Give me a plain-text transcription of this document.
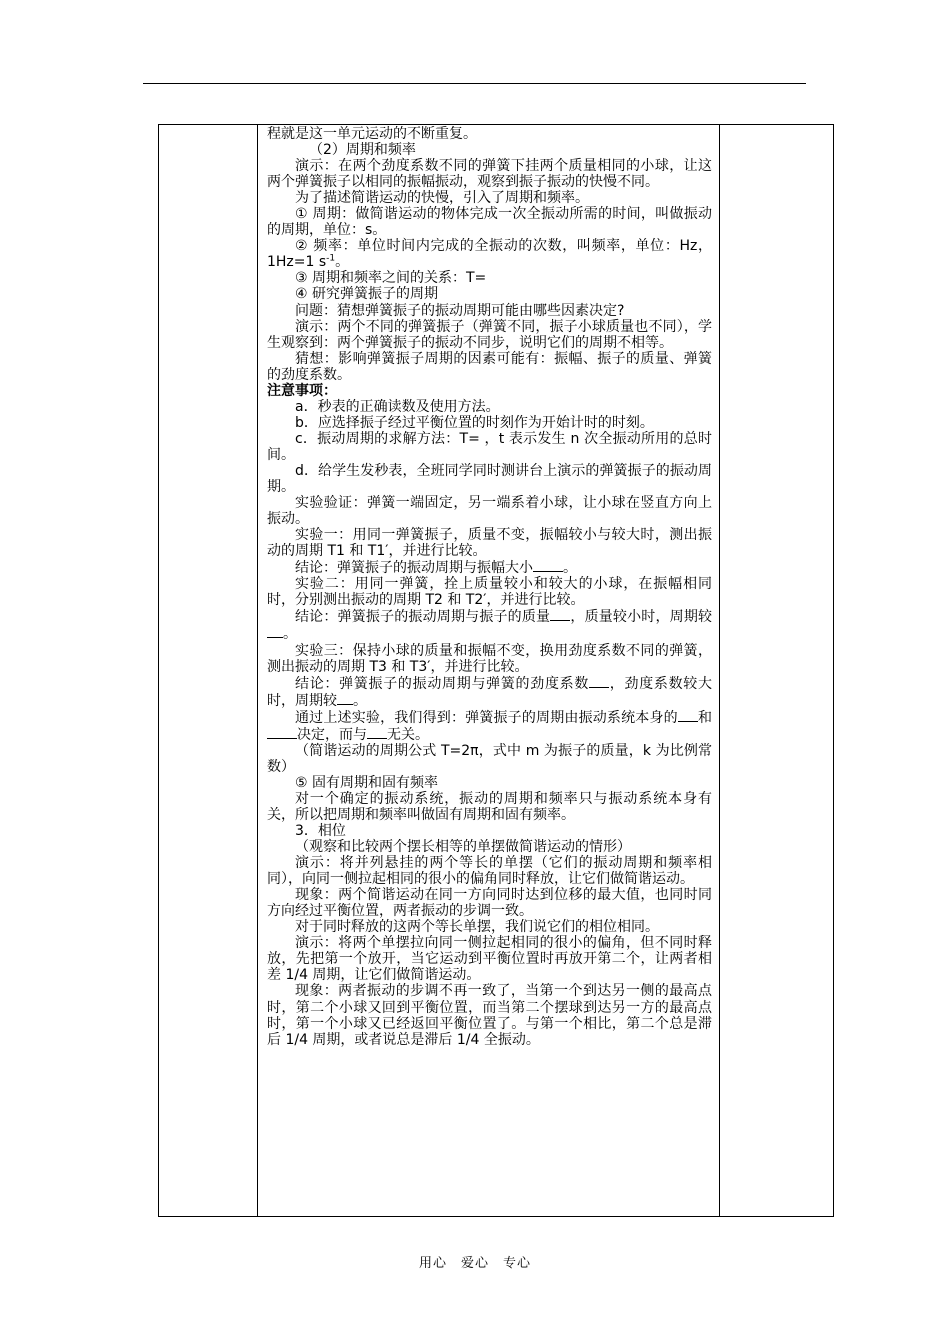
程就是这一单元运动的不断重复。

（2）周期和频率

演示：在两个劲度系数不同的弹簧下挂两个质量相同的小球，让这两个弹簧振子以相同的振幅振动，观察到振子振动的快慢不同。

为了描述简谐运动的快慢，引入了周期和频率。

① 周期：做简谐运动的物体完成一次全振动所需的时间，叫做振动的周期，单位：s。

② 频率：单位时间内完成的全振动的次数，叫频率，单位：Hz，1Hz=1 $s^{-1}$。

③ 周期和频率之间的关系：T=

④ 研究弹簧振子的周期

问题：猜想弹簧振子的振动周期可能由哪些因素决定?

演示：两个不同的弹簧振子（弹簧不同，振子小球质量也不同），学生观察到：两个弹簧振子的振动不同步，说明它们的周期不相等。

猜想：影响弹簧振子周期的因素可能有：振幅、振子的质量、弹簧的劲度系数。

注意事项：

a．秒表的正确读数及使用方法。

b．应选择振子经过平衡位置的时刻作为开始计时的时刻。

c．振动周期的求解方法：T= ，t 表示发生 n 次全振动所用的总时间。

d．给学生发秒表，全班同学同时测讲台上演示的弹簧振子的振动周期。

实验验证：弹簧一端固定，另一端系着小球，让小球在竖直方向上振动。

实验一：用同一弹簧振子，质量不变，振幅较小与较大时，测出振动的周期 T1 和 T1′，并进行比较。

结论：弹簧振子的振动周期与振幅大小 。

实验二：用同一弹簧，拴上质量较小和较大的小球，在振幅相同时，分别测出振动的周期 T2 和 T2′，并进行比较。

结论：弹簧振子的振动周期与振子的质量 ，质量较小时，周期较。

实验三：保持小球的质量和振幅不变，换用劲度系数不同的弹簧，测出振动的周期 T3 和 T3′，并进行比较。

结论：弹簧振子的振动周期与弹簧的劲度系数 ，劲度系数较大时，周期较 。

通过上述实验，我们得到：弹簧振子的周期由振动系统本身的 和决定，而与 无关。

（简谐运动的周期公式 T=2π，式中 m 为振子的质量，k 为比例常数）

⑤ 固有周期和固有频率

对一个确定的振动系统，振动的周期和频率只与振动系统本身有关，所以把周期和频率叫做固有周期和固有频率。

3．相位

（观察和比较两个摆长相等的单摆做简谐运动的情形）

演示：将并列悬挂的两个等长的单摆（它们的振动周期和频率相同），向同一侧拉起相同的很小的偏角同时释放，让它们做简谐运动。

现象：两个简谐运动在同一方向同时达到位移的最大值，也同时同方向经过平衡位置，两者振动的步调一致。

对于同时释放的这两个等长单摆，我们说它们的相位相同。

演示：将两个单摆拉向同一侧拉起相同的很小的偏角，但不同时释放，先把第一个放开，当它运动到平衡位置时再放开第二个，让两者相差 1/4 周期，让它们做简谐运动。

现象：两者振动的步调不再一致了，当第一个到达另一侧的最高点时，第二个小球又回到平衡位置，而当第二个摆球到达另一方的最高点时，第一个小球又已经返回平衡位置了。与第一个相比，第二个总是滞后 1/4 周期，或者说总是滞后 1/4 全振动。

用心　爱心　专心
